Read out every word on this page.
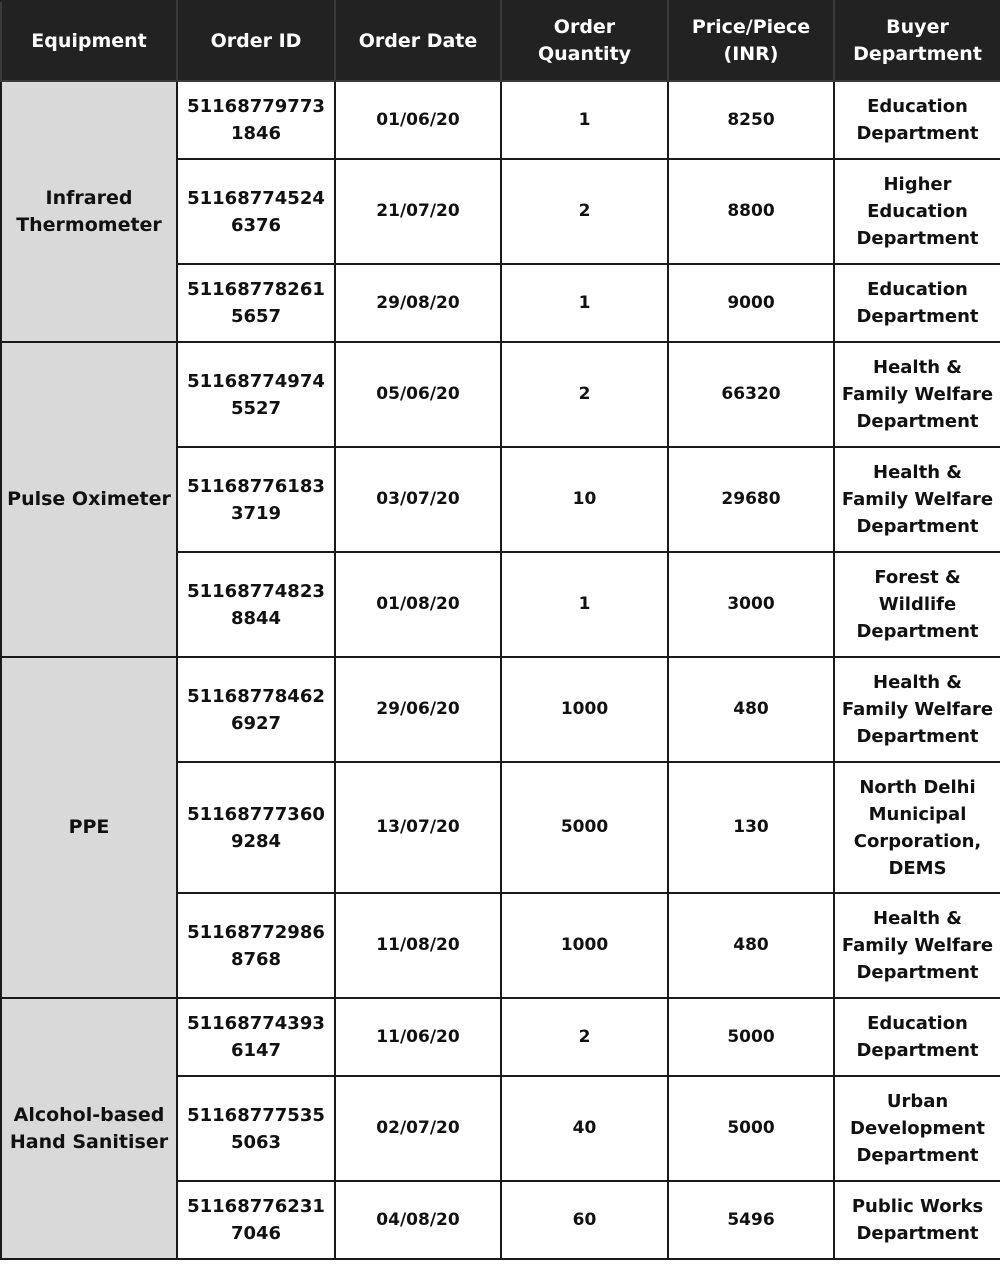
Equipment	Order ID	Order Date	Order Quantity	Price/Piece (INR)	Buyer Department
Infrared Thermometer	511687797731846	01/06/20	1	8250	Education Department
	511687745246376	21/07/20	2	8800	Higher Education Department
	511687782615657	29/08/20	1	9000	Education Department
Pulse Oximeter	511687749745527	05/06/20	2	66320	Health & Family Welfare Department
	511687761833719	03/07/20	10	29680	Health & Family Welfare Department
	511687748238844	01/08/20	1	3000	Forest & Wildlife Department
PPE	511687784626927	29/06/20	1000	480	Health & Family Welfare Department
	511687773609284	13/07/20	5000	130	North Delhi Municipal Corporation, DEMS
	511687729868768	11/08/20	1000	480	Health & Family Welfare Department
Alcohol-based Hand Sanitiser	511687743936147	11/06/20	2	5000	Education Department
	511687775355063	02/07/20	40	5000	Urban Development Department
	511687762317046	04/08/20	60	5496	Public Works Department
